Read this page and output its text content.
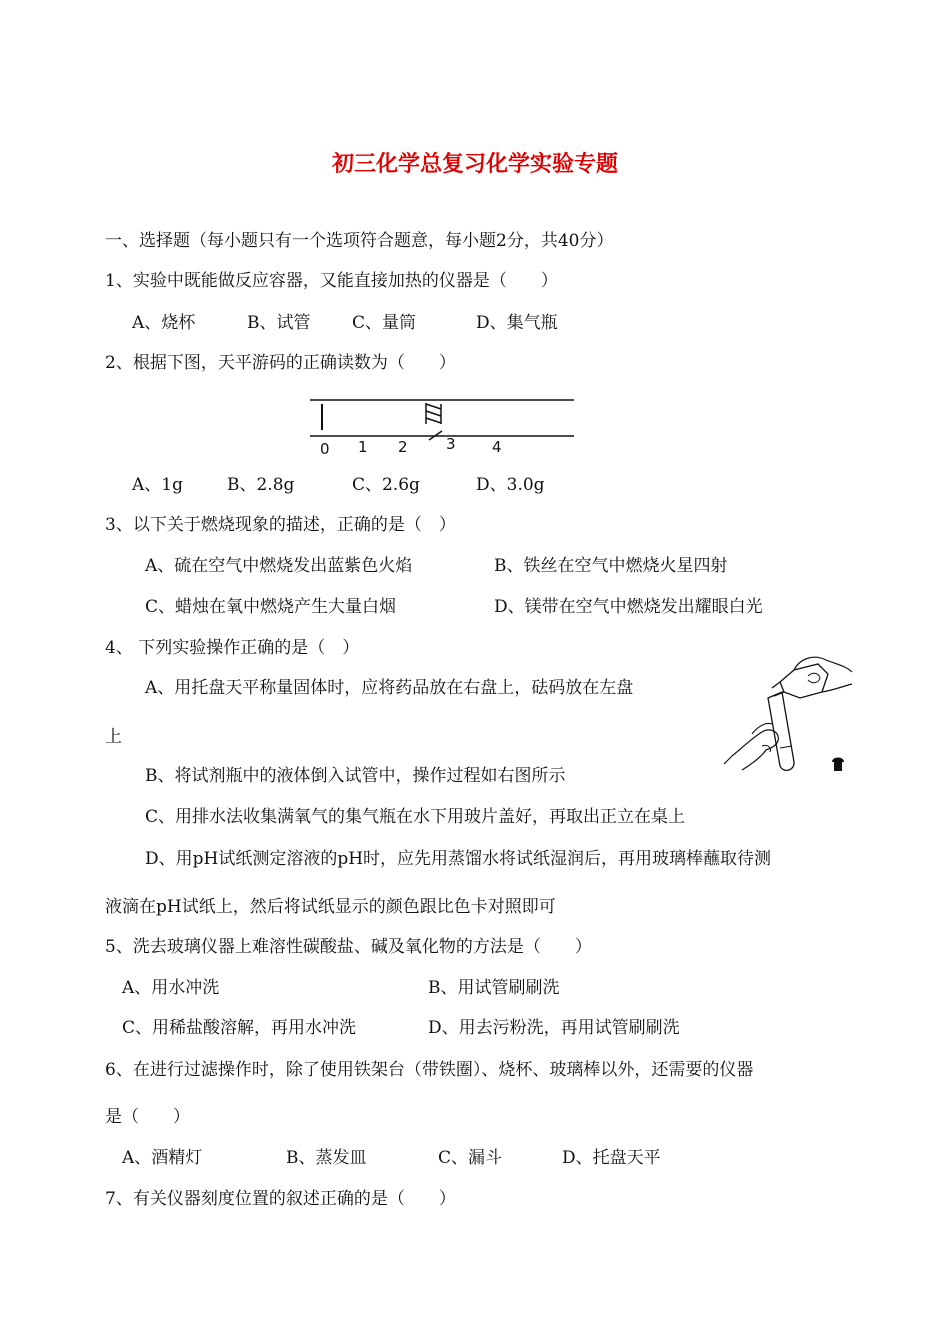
初三化学总复习化学实验专题
一、选择题（每小题只有一个选项符合题意，每小题2分，共40分）
1、实验中既能做反应容器，又能直接加热的仪器是（　　）
A、烧杯	B、试管 C、量筒	D、集气瓶
2、根据下图，天平游码的正确读数为（　　）
0 1 2	3 4
A、1g	B、2.8g	C、2.6g	D、3.0g
3、以下关于燃烧现象的描述，正确的是（　）
A、硫在空气中燃烧发出蓝紫色火焰	B、铁丝在空气中燃烧火星四射
C、蜡烛在氧中燃烧产生大量白烟	D、镁带在空气中燃烧发出耀眼白光
4、 下列实验操作正确的是（　）
A、用托盘天平称量固体时，应将药品放在右盘上，砝码放在左盘
上
B、将试剂瓶中的液体倒入试管中，操作过程如右图所示
C、用排水法收集满氧气的集气瓶在水下用玻片盖好，再取出正立在桌上
D、用pH试纸测定溶液的pH时，应先用蒸馏水将试纸湿润后，再用玻璃棒蘸取待测
液滴在pH试纸上，然后将试纸显示的颜色跟比色卡对照即可
5、洗去玻璃仪器上难溶性碳酸盐、碱及氧化物的方法是（　　）
A、用水冲洗	B、用试管刷刷洗
C、用稀盐酸溶解，再用水冲洗	D、用去污粉洗，再用试管刷刷洗
6、在进行过滤操作时，除了使用铁架台（带铁圈）、烧杯、玻璃棒以外，还需要的仪器
是（　　）
A、酒精灯	B、蒸发皿	C、漏斗	D、托盘天平
7、有关仪器刻度位置的叙述正确的是（　　）
